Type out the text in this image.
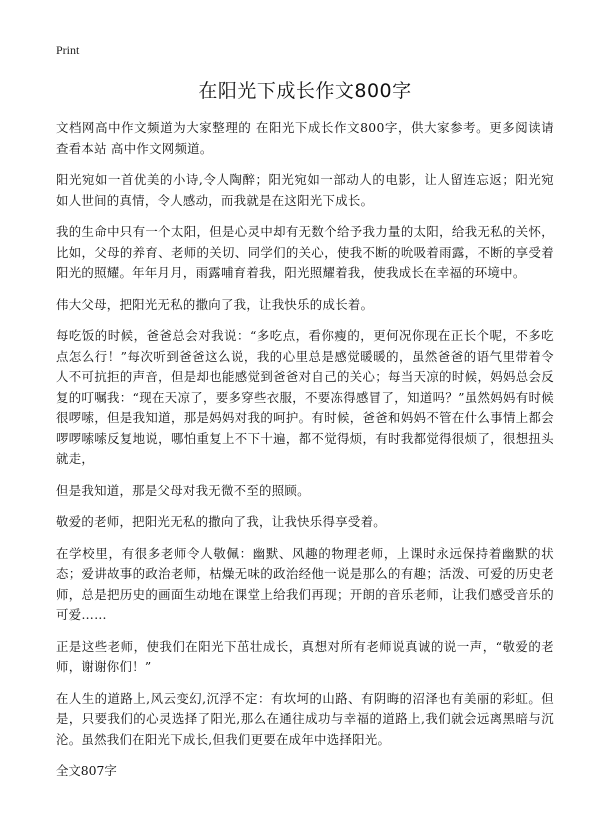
Print
在阳光下成长作文800字

文档网高中作文频道为大家整理的 在阳光下成长作文800字，供大家参考。更多阅读请查看本站 高中作文网频道。

阳光宛如一首优美的小诗,令人陶醉；阳光宛如一部动人的电影，让人留连忘返；阳光宛如人世间的真情，令人感动，而我就是在这阳光下成长。

我的生命中只有一个太阳，但是心灵中却有无数个给予我力量的太阳，给我无私的关怀，比如，父母的养育、老师的关切、同学们的关心，使我不断的吮吸着雨露，不断的享受着阳光的照耀。年年月月，雨露哺育着我，阳光照耀着我，使我成长在幸福的环境中。

伟大父母，把阳光无私的撒向了我，让我快乐的成长着。

每吃饭的时候，爸爸总会对我说：“多吃点，看你瘦的，更何况你现在正长个呢，不多吃点怎么行！”每次听到爸爸这么说，我的心里总是感觉暖暖的，虽然爸爸的语气里带着令人不可抗拒的声音，但是却也能感觉到爸爸对自己的关心；每当天凉的时候，妈妈总会反复的叮嘱我：“现在天凉了，要多穿些衣服，不要冻得感冒了，知道吗？”虽然妈妈有时候很啰嗦，但是我知道，那是妈妈对我的呵护。有时候，爸爸和妈妈不管在什么事情上都会啰啰嗦嗦反复地说，哪怕重复上不下十遍，都不觉得烦，有时我都觉得很烦了，很想扭头就走，

但是我知道，那是父母对我无微不至的照顾。

敬爱的老师，把阳光无私的撒向了我，让我快乐得享受着。

在学校里，有很多老师令人敬佩：幽默、风趣的物理老师，上课时永远保持着幽默的状态；爱讲故事的政治老师，枯燥无味的政治经他一说是那么的有趣；活泼、可爱的历史老师，总是把历史的画面生动地在课堂上给我们再现；开朗的音乐老师，让我们感受音乐的可爱……

正是这些老师，使我们在阳光下茁壮成长，真想对所有老师说真诚的说一声，“敬爱的老师，谢谢你们！”

在人生的道路上,风云变幻,沉浮不定：有坎坷的山路、有阴晦的沼泽也有美丽的彩虹。但是，只要我们的心灵选择了阳光,那么在通往成功与幸福的道路上,我们就会远离黑暗与沉沦。虽然我们在阳光下成长,但我们更要在成年中选择阳光。

全文807字
